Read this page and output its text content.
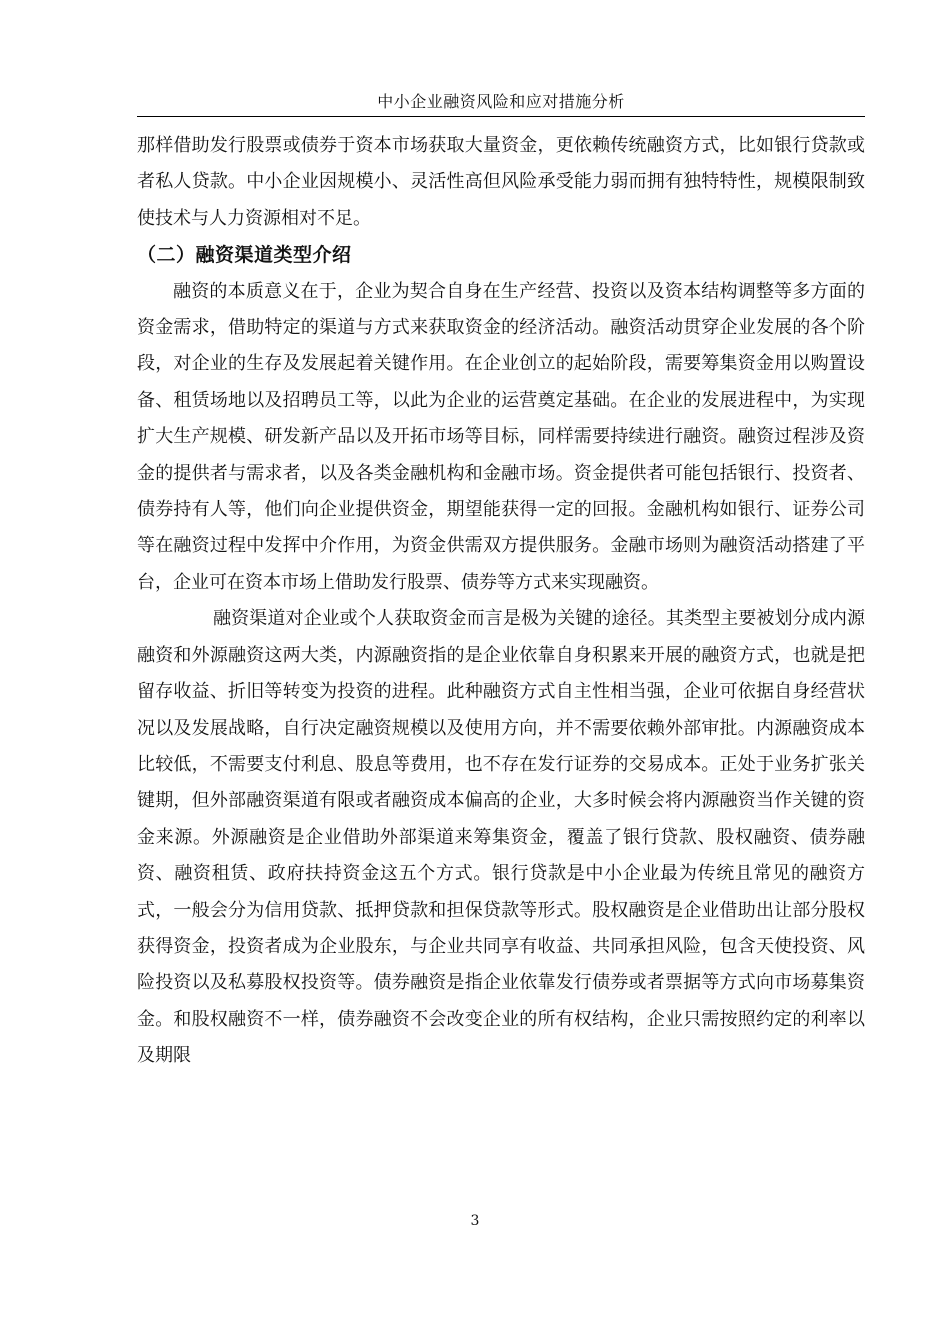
中小企业融资风险和应对措施分析

那样借助发行股票或债券于资本市场获取大量资金，更依赖传统融资方式，比如银行贷款或者私人贷款。中小企业因规模小、灵活性高但风险承受能力弱而拥有独特特性，规模限制致使技术与人力资源相对不足。

（二）融资渠道类型介绍

融资的本质意义在于，企业为契合自身在生产经营、投资以及资本结构调整等多方面的资金需求，借助特定的渠道与方式来获取资金的经济活动。融资活动贯穿企业发展的各个阶段，对企业的生存及发展起着关键作用。在企业创立的起始阶段，需要筹集资金用以购置设备、租赁场地以及招聘员工等，以此为企业的运营奠定基础。在企业的发展进程中，为实现扩大生产规模、研发新产品以及开拓市场等目标，同样需要持续进行融资。融资过程涉及资金的提供者与需求者，以及各类金融机构和金融市场。资金提供者可能包括银行、投资者、债券持有人等，他们向企业提供资金，期望能获得一定的回报。金融机构如银行、证券公司等在融资过程中发挥中介作用，为资金供需双方提供服务。金融市场则为融资活动搭建了平台，企业可在资本市场上借助发行股票、债券等方式来实现融资。

融资渠道对企业或个人获取资金而言是极为关键的途径。其类型主要被划分成内源融资和外源融资这两大类，内源融资指的是企业依靠自身积累来开展的融资方式，也就是把留存收益、折旧等转变为投资的进程。此种融资方式自主性相当强，企业可依据自身经营状况以及发展战略，自行决定融资规模以及使用方向，并不需要依赖外部审批。内源融资成本比较低，不需要支付利息、股息等费用，也不存在发行证券的交易成本。正处于业务扩张关键期，但外部融资渠道有限或者融资成本偏高的企业，大多时候会将内源融资当作关键的资金来源。外源融资是企业借助外部渠道来筹集资金，覆盖了银行贷款、股权融资、债券融资、融资租赁、政府扶持资金这五个方式。银行贷款是中小企业最为传统且常见的融资方式，一般会分为信用贷款、抵押贷款和担保贷款等形式。股权融资是企业借助出让部分股权获得资金，投资者成为企业股东，与企业共同享有收益、共同承担风险，包含天使投资、风险投资以及私募股权投资等。债券融资是指企业依靠发行债券或者票据等方式向市场募集资金。和股权融资不一样，债券融资不会改变企业的所有权结构，企业只需按照约定的利率以及期限

3
